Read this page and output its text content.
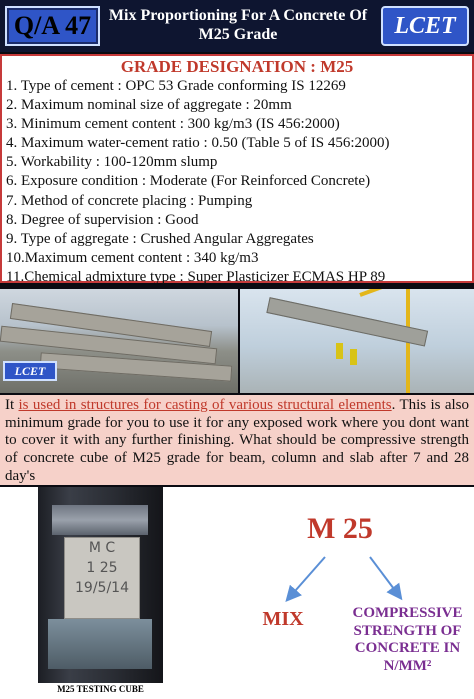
Q/A 47	Mix Proportioning For A Concrete Of M25 Grade	LCET
GRADE DESIGNATION : M25
1. Type of cement : OPC 53 Grade conforming IS 12269
2. Maximum nominal size of aggregate : 20mm
3. Minimum cement content : 300 kg/m3 (IS 456:2000)
4. Maximum water-cement ratio : 0.50 (Table 5 of IS 456:2000)
5. Workability : 100-120mm slump
6. Exposure condition : Moderate (For Reinforced Concrete)
7. Method of concrete placing : Pumping
8. Degree of supervision : Good
9. Type of aggregate : Crushed Angular Aggregates
10.Maximum cement content : 340 kg/m3
11.Chemical admixture type : Super Plasticizer ECMAS HP 89
LCET
It is used in structures for casting of various structural elements. This is also minimum grade for you to use it for any exposed work where you dont want to cover it with any further finishing. What should be compressive strength of concrete cube of M25 grade for beam, column and slab after 7 and 28 day's
M C
1 25
19/5/14
M25 TESTING CUBE
M 25
MIX	COMPRESSIVE STRENGTH OF CONCRETE IN N/MM²
